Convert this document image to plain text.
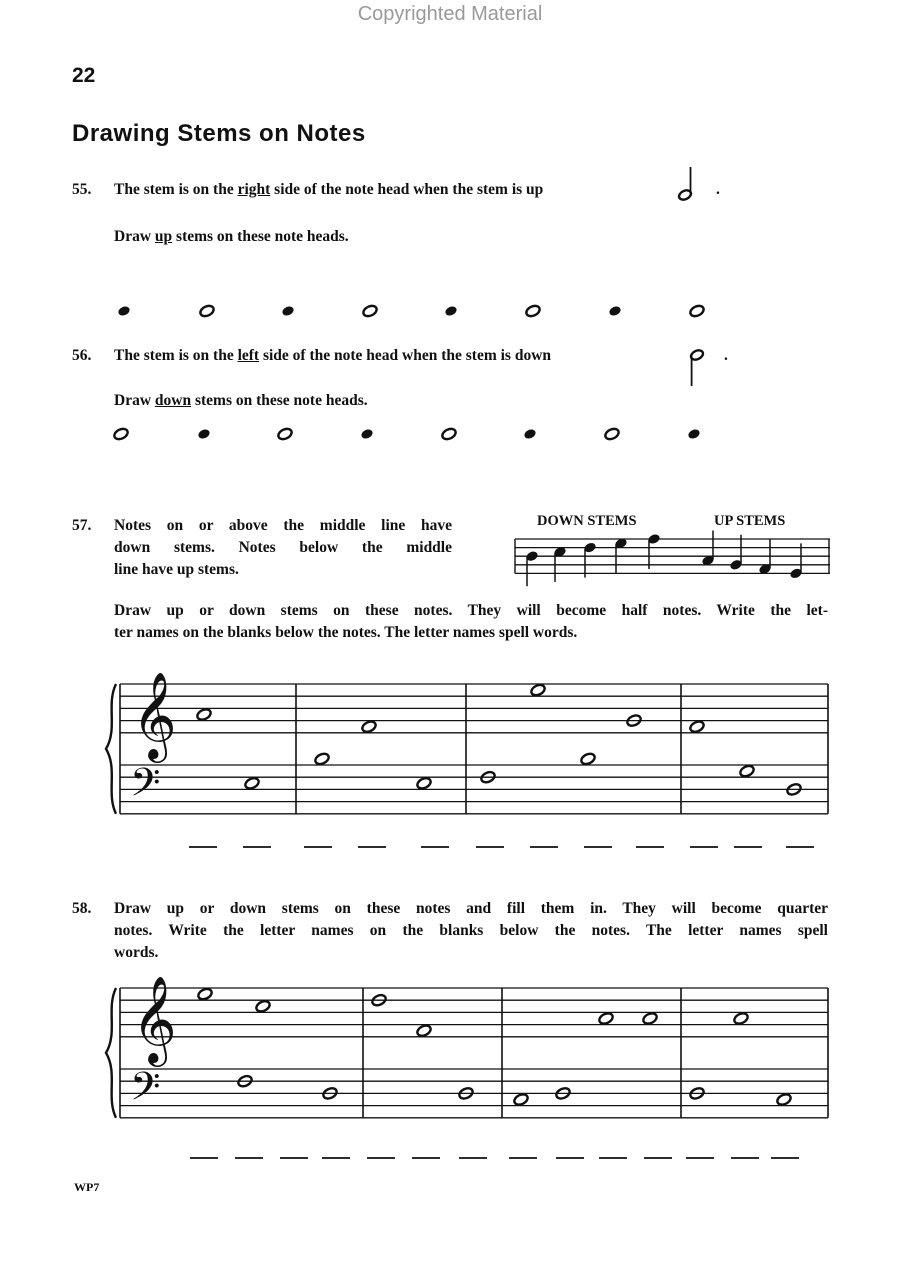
Copyrighted Material
22
Drawing Stems on Notes
55. The stem is on the right side of the note head when the stem is up	.
Draw up stems on these note heads.
56. The stem is on the left side of the note head when the stem is down	.
Draw down stems on these note heads.
57. Notes on or above the middle line have
down stems. Notes below the middle
line have up stems.
DOWN STEMS	UP STEMS
Draw up or down stems on these notes. They will become half notes. Write the let-
ter names on the blanks below the notes. The letter names spell words.
𝄞
𝄢
58. Draw up or down stems on these notes and fill them in. They will become quarter
notes. Write the letter names on the blanks below the notes. The letter names spell
words.
𝄞
𝄢
WP7
